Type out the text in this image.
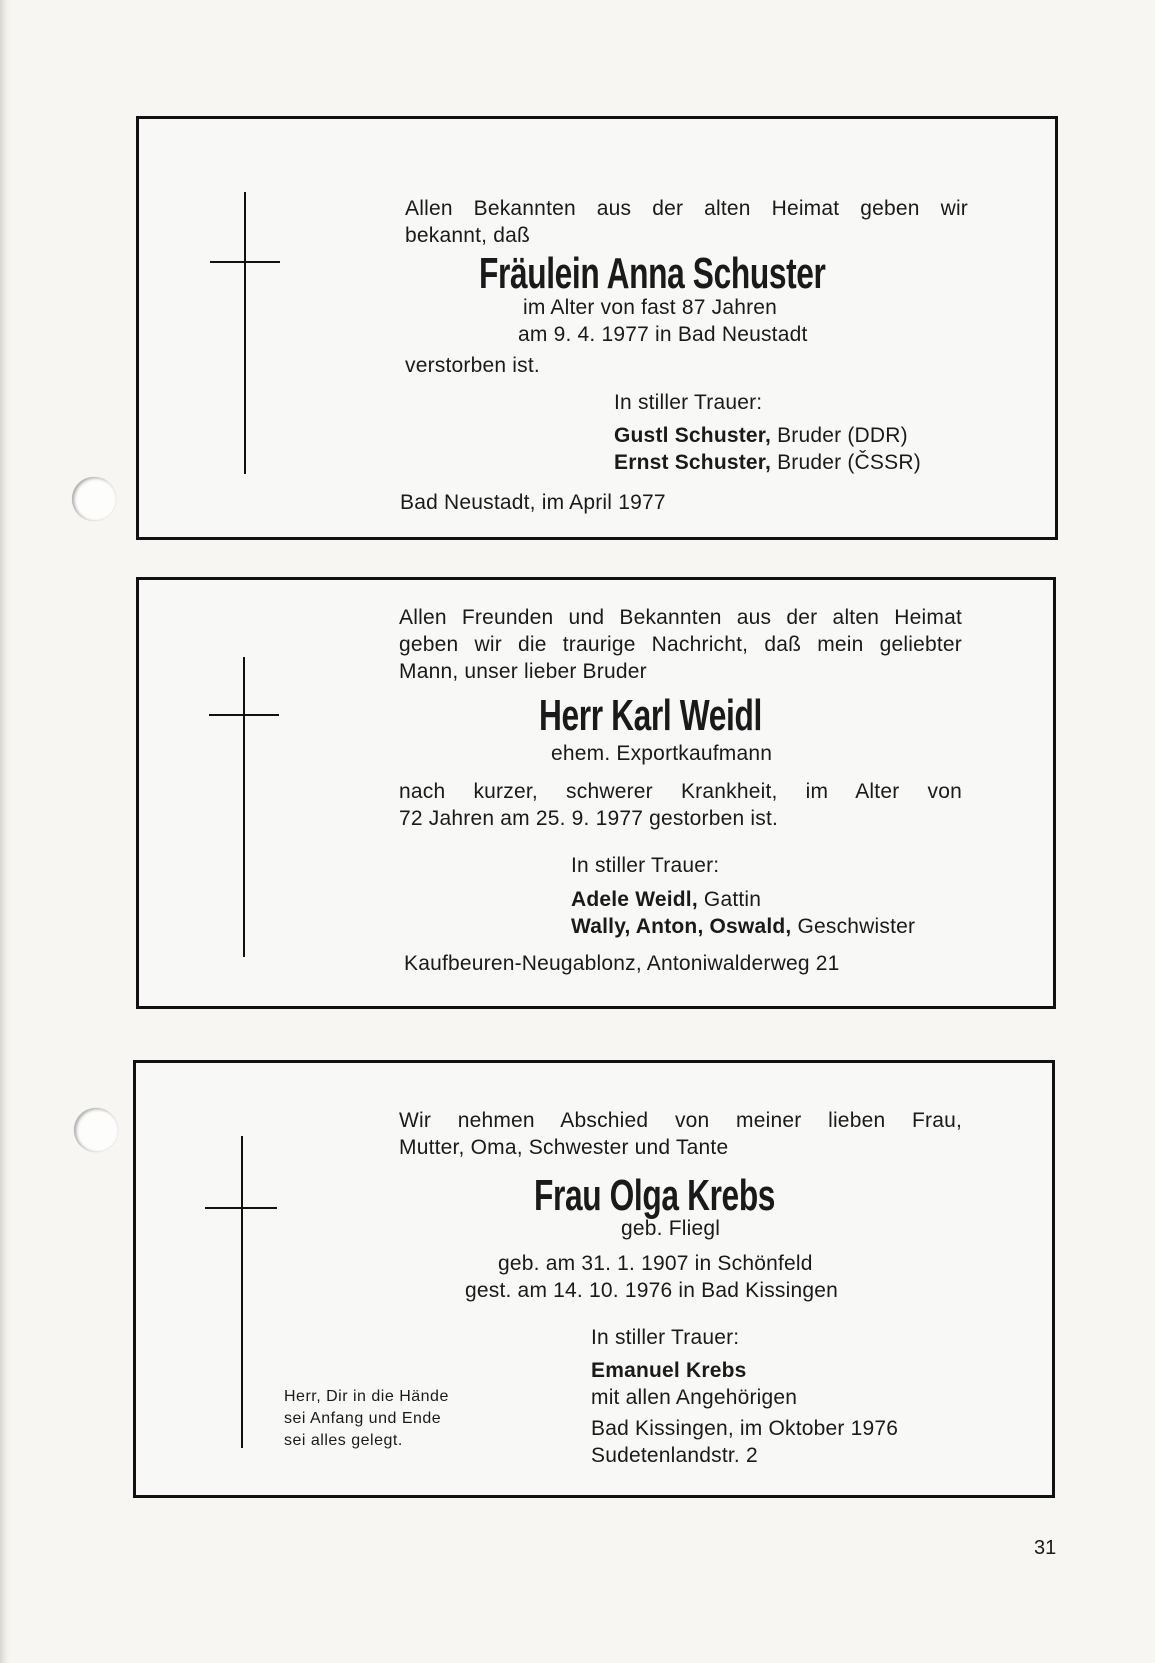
Allen Bekannten aus der alten Heimat geben wir
bekannt, daß
Fräulein Anna Schuster
im Alter von fast 87 Jahren
am 9. 4. 1977 in Bad Neustadt
verstorben ist.
In stiller Trauer:
Gustl Schuster, Bruder (DDR)
Ernst Schuster, Bruder (ČSSR)
Bad Neustadt, im April 1977
Allen Freunden und Bekannten aus der alten Heimat
geben wir die traurige Nachricht, daß mein geliebter
Mann, unser lieber Bruder
Herr Karl Weidl
ehem. Exportkaufmann
nach kurzer, schwerer Krankheit, im Alter von
72 Jahren am 25. 9. 1977 gestorben ist.
In stiller Trauer:
Adele Weidl, Gattin
Wally, Anton, Oswald, Geschwister
Kaufbeuren-Neugablonz, Antoniwalderweg 21
Wir nehmen Abschied von meiner lieben Frau,
Mutter, Oma, Schwester und Tante
Frau Olga Krebs
geb. Fliegl
geb. am 31. 1. 1907 in Schönfeld
gest. am 14. 10. 1976 in Bad Kissingen
In stiller Trauer:
Emanuel Krebs
mit allen Angehörigen
Bad Kissingen, im Oktober 1976
Sudetenlandstr. 2
Herr, Dir in die Hände
sei Anfang und Ende
sei alles gelegt.
31
